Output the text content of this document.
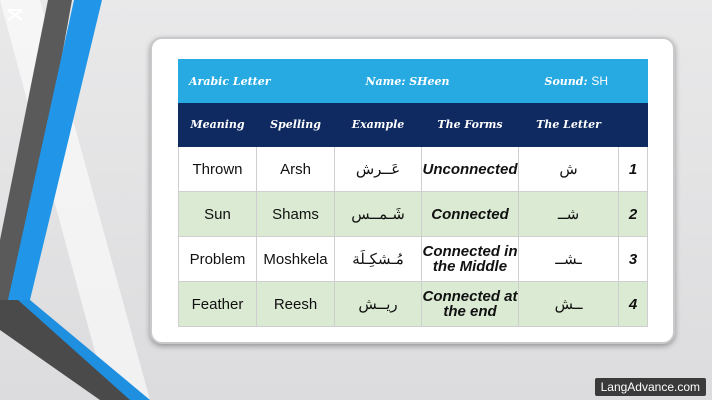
Arabic Letter Name: SHeen Sound: SH					

Meaning	Spelling	Example	The Forms	The Letter	
Thrown	Arsh	عَــرش	Unconnected	ش	1
Sun	Shams	شَـمــس	Connected	شــ	2
Problem	Moshkela	مُـشكِـلَة	Connected in the Middle	ـشــ	3
Feather	Reesh	ريــش	Connected at the end	ــش	4
LangAdvance.com
